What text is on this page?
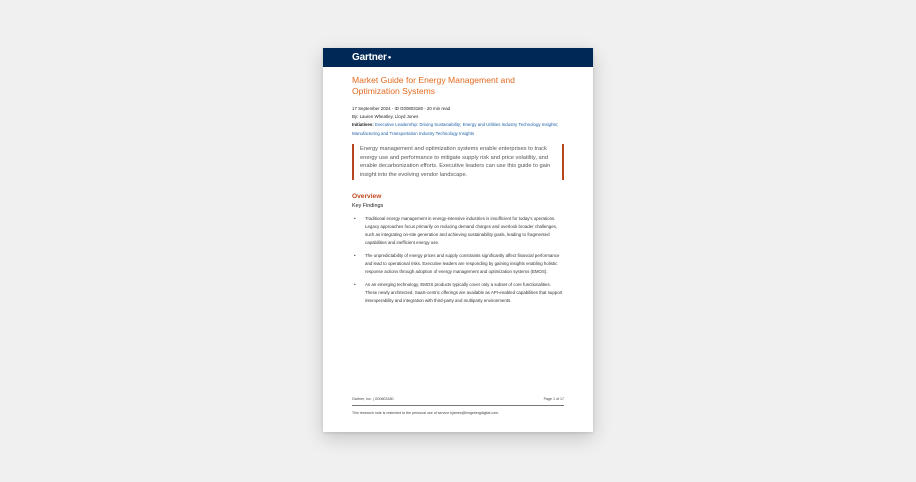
Gartner●
Market Guide for Energy Management and Optimization Systems

17 September 2024 - ID G00803180 - 20 min read

By: Lauren Wheatley, Lloyd Jones

Initiatives: Executive Leadership: Driving Sustainability; Energy and Utilities Industry Technology Insights; Manufacturing and Transportation Industry Technology Insights

Energy management and optimization systems enable enterprises to track energy use and performance to mitigate supply risk and price volatility, and enable decarbonization efforts. Executive leaders can use this guide to gain insight into the evolving vendor landscape.
Overview
Key Findings
• Traditional energy management in energy-intensive industries is insufficient for today's operations. Legacy approaches focus primarily on reducing demand charges and overlook broader challenges, such as integrating on-site generation and achieving sustainability goals, leading to fragmented capabilities and inefficient energy use.
• The unpredictability of energy prices and supply constraints significantly affect financial performance and lead to operational risks. Executive leaders are responding by gaining insights enabling holistic response actions through adoption of energy management and optimization systems (EMOS).
• As an emerging technology, EMOS products typically cover only a subset of core functionalities. These newly architected, SaaS-centric offerings are available as API-enabled capabilities that support interoperability and integration with third-party and multiparty environments.
Gartner, Inc. | G00803180	Page 1 of 17
This research note is restricted to the personal use of service.hjames@kingsbergdigital.com.
